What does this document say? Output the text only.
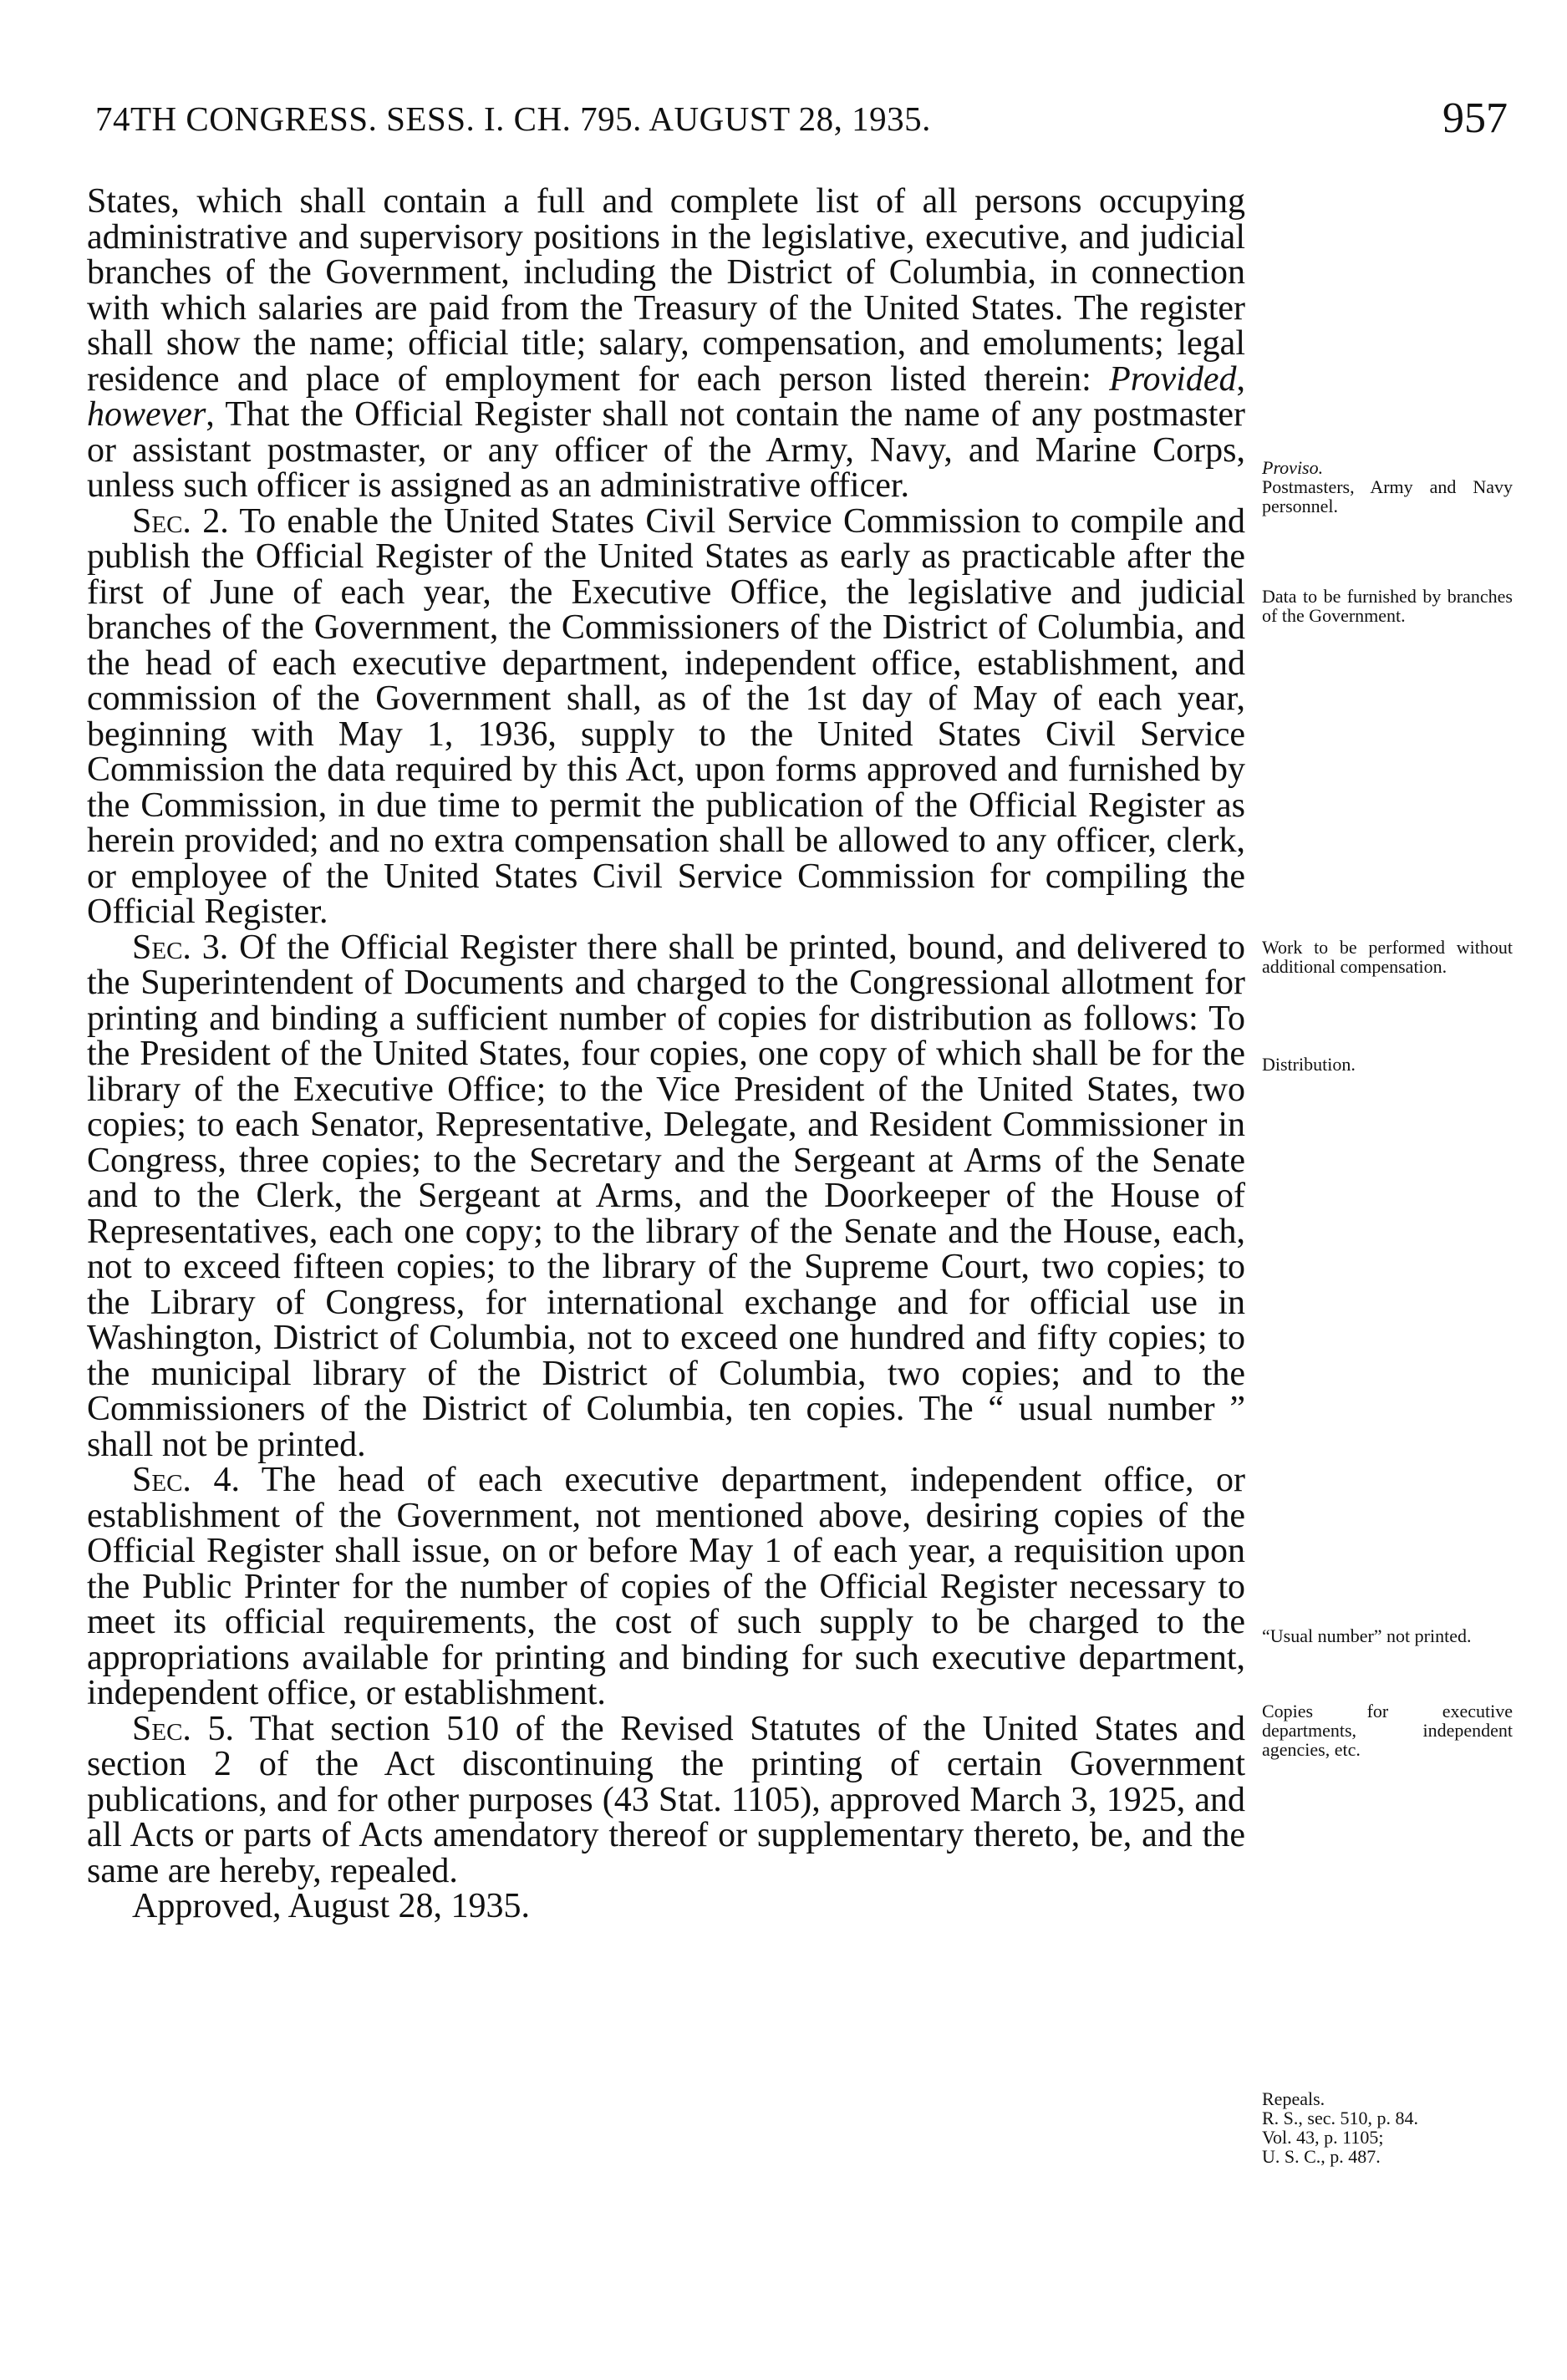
74TH CONGRESS. SESS. I. CH. 795. AUGUST 28, 1935.	957

States, which shall contain a full and complete list of all persons occupying administrative and supervisory positions in the legislative, executive, and judicial branches of the Government, including the District of Columbia, in connection with which salaries are paid from the Treasury of the United States. The register shall show the name; official title; salary, compensation, and emoluments; legal residence and place of employment for each person listed therein: Provided, however, That the Official Register shall not contain the name of any postmaster or assistant postmaster, or any officer of the Army, Navy, and Marine Corps, unless such officer is assigned as an administrative officer.

Sec. 2. To enable the United States Civil Service Commission to compile and publish the Official Register of the United States as early as practicable after the first of June of each year, the Executive Office, the legislative and judicial branches of the Government, the Commissioners of the District of Columbia, and the head of each executive department, independent office, establishment, and commission of the Government shall, as of the 1st day of May of each year, beginning with May 1, 1936, supply to the United States Civil Service Commission the data required by this Act, upon forms approved and furnished by the Commission, in due time to permit the publication of the Official Register as herein provided; and no extra compensation shall be allowed to any officer, clerk, or employee of the United States Civil Service Commission for compiling the Official Register.

Sec. 3. Of the Official Register there shall be printed, bound, and delivered to the Superintendent of Documents and charged to the Congressional allotment for printing and binding a sufficient number of copies for distribution as follows: To the President of the United States, four copies, one copy of which shall be for the library of the Executive Office; to the Vice President of the United States, two copies; to each Senator, Representative, Delegate, and Resident Commissioner in Congress, three copies; to the Secretary and the Sergeant at Arms of the Senate and to the Clerk, the Sergeant at Arms, and the Doorkeeper of the House of Representatives, each one copy; to the library of the Senate and the House, each, not to exceed fifteen copies; to the library of the Supreme Court, two copies; to the Library of Congress, for international exchange and for official use in Washington, District of Columbia, not to exceed one hundred and fifty copies; to the municipal library of the District of Columbia, two copies; and to the Commissioners of the District of Columbia, ten copies. The “ usual number ” shall not be printed.

Sec. 4. The head of each executive department, independent office, or establishment of the Government, not mentioned above, desiring copies of the Official Register shall issue, on or before May 1 of each year, a requisition upon the Public Printer for the number of copies of the Official Register necessary to meet its official requirements, the cost of such supply to be charged to the appropriations available for printing and binding for such executive department, independent office, or establishment.

Sec. 5. That section 510 of the Revised Statutes of the United States and section 2 of the Act discontinuing the printing of certain Government publications, and for other purposes (43 Stat. 1105), approved March 3, 1925, and all Acts or parts of Acts amendatory thereof or supplementary thereto, be, and the same are hereby, repealed.

Approved, August 28, 1935.

Proviso.
Postmasters, Army and Navy personnel.
Data to be furnished by branches of the Government.
Work to be performed without additional compensation.
Distribution.
“Usual number” not printed.
Copies for executive departments, independent agencies, etc.
Repeals.
R. S., sec. 510, p. 84.
Vol. 43, p. 1105;
U. S. C., p. 487.
